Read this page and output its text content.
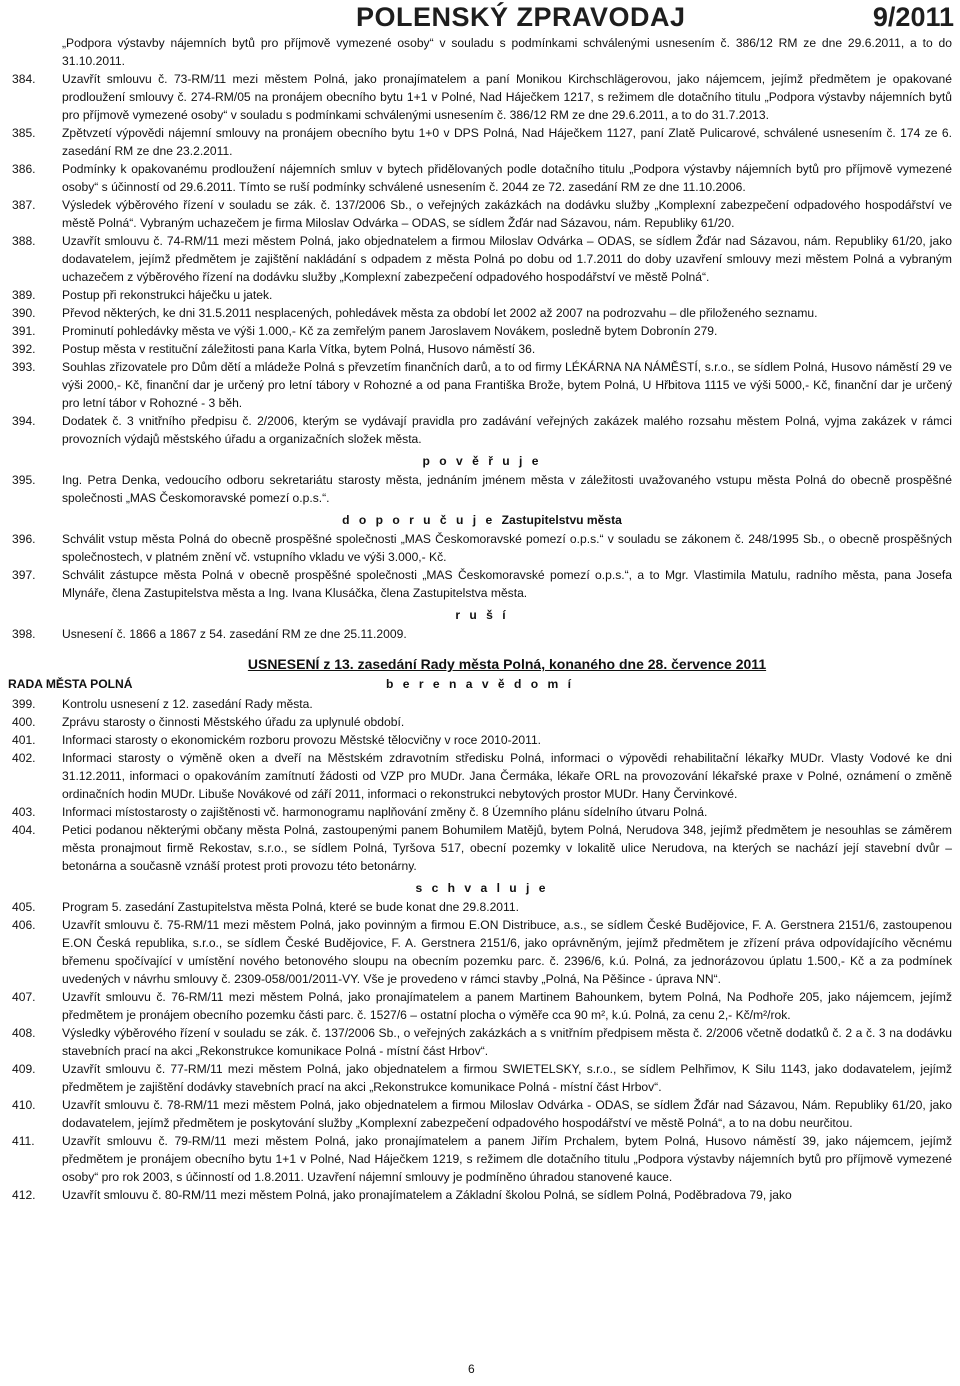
POLENSKÝ ZPRAVODAJ	9/2011

„Podpora výstavby nájemních bytů pro příjmově vymezené osoby“ v souladu s podmínkami schválenými usnesením č. 386/12 RM ze dne 29.6.2011, a to do 31.10.2011.

384.	Uzavřít smlouvu č. 73-RM/11 mezi městem Polná, jako pronajímatelem a paní Monikou Kirchschlägerovou, jako nájemcem, jejímž předmětem je opakované prodloužení smlouvy č. 274-RM/05 na pronájem obecního bytu 1+1 v Polné, Nad Háječkem 1217, s režimem dle dotačního titulu „Podpora výstavby nájemních bytů pro příjmově vymezené osoby“ v souladu s podmínkami schválenými usnesením č. 386/12 RM ze dne 29.6.2011, a to do 31.7.2013.

385.	Zpětvzetí výpovědi nájemní smlouvy na pronájem obecního bytu 1+0 v DPS Polná, Nad Háječkem 1127, paní Zlatě Pulicarové, schválené usnesením č. 174 ze 6. zasedání RM ze dne 23.2.2011.

386.	Podmínky k opakovanému prodloužení nájemních smluv v bytech přidělovaných podle dotačního titulu „Podpora výstavby nájemních bytů pro příjmově vymezené osoby“ s účinností od 29.6.2011. Tímto se ruší podmínky schválené usnesením č. 2044 ze 72. zasedání RM ze dne 11.10.2006.

387.	Výsledek výběrového řízení v souladu se zák. č. 137/2006 Sb., o veřejných zakázkách na dodávku služby „Komplexní zabezpečení odpadového hospodářství ve městě Polná“. Vybraným uchazečem je firma Miloslav Odvárka – ODAS, se sídlem Žďár nad Sázavou, nám. Republiky 61/20.

388.	Uzavřít smlouvu č. 74-RM/11 mezi městem Polná, jako objednatelem a firmou Miloslav Odvárka – ODAS, se sídlem Žďár nad Sázavou, nám. Republiky 61/20, jako dodavatelem, jejímž předmětem je zajištění nakládání s odpadem z města Polná po dobu od 1.7.2011 do doby uzavření smlouvy mezi městem Polná a vybraným uchazečem z výběrového řízení na dodávku služby „Komplexní zabezpečení odpadového hospodářství ve městě Polná“.

389.	Postup při rekonstrukci háječku u jatek.

390.	Převod některých, ke dni 31.5.2011 nesplacených, pohledávek města za období let 2002 až 2007 na podrozvahu – dle přiloženého seznamu.

391.	Prominutí pohledávky města ve výši 1.000,- Kč za zemřelým panem Jaroslavem Novákem, posledně bytem Dobronín 279.

392.	Postup města v restituční záležitosti pana Karla Vítka, bytem Polná, Husovo náměstí 36.

393.	Souhlas zřizovatele pro Dům dětí a mládeže Polná s převzetím finančních darů, a to od firmy LÉKÁRNA NA NÁMĚSTÍ, s.r.o., se sídlem Polná, Husovo náměstí 29 ve výši 2000,- Kč, finanční dar je určený pro letní tábory v Rohozné a od pana Františka Brože, bytem Polná, U Hřbitova 1115 ve výši 5000,- Kč, finanční dar je určený pro letní tábor v Rohozné - 3 běh.

394.	Dodatek č. 3 vnitřního předpisu č. 2/2006, kterým se vydávají pravidla pro zadávání veřejných zakázek malého rozsahu městem Polná, vyjma zakázek v rámci provozních výdajů městského úřadu a organizačních složek města.

p o v ě ř u j e
395.	Ing. Petra Denka, vedoucího odboru sekretariátu starosty města, jednáním jménem města v záležitosti uvažovaného vstupu města Polná do obecně prospěšné společnosti „MAS Českomoravské pomezí o.p.s.“.

d o p o r u č u j e Zastupitelstvu města
396.	Schválit vstup města Polná do obecně prospěšné společnosti „MAS Českomoravské pomezí o.p.s.“ v souladu se zákonem č. 248/1995 Sb., o obecně prospěšných společnostech, v platném znění vč. vstupního vkladu ve výši 3.000,- Kč.

397.	Schválit zástupce města Polná v obecně prospěšné společnosti „MAS Českomoravské pomezí o.p.s.“, a to Mgr. Vlastimila Matulu, radního města, pana Josefa Mlynáře, člena Zastupitelstva města a Ing. Ivana Klusáčka, člena Zastupitelstva města.

r u š í
398.	Usnesení č. 1866 a 1867 z 54. zasedání RM ze dne 25.11.2009.

USNESENÍ z 13. zasedání Rady města Polná, konaného dne 28. července 2011
RADA MĚSTA POLNÁ	b e r e n a v ě d o m í
399.	Kontrolu usnesení z 12. zasedání Rady města.

400.	Zprávu starosty o činnosti Městského úřadu za uplynulé období.

401.	Informaci starosty o ekonomickém rozboru provozu Městské tělocvičny v roce 2010-2011.

402.	Informaci starosty o výměně oken a dveří na Městském zdravotním středisku Polná, informaci o výpovědi rehabilitační lékařky MUDr. Vlasty Vodové ke dni 31.12.2011, informaci o opakováním zamítnutí žádosti od VZP pro MUDr. Jana Čermáka, lékaře ORL na provozování lékařské praxe v Polné, oznámení o změně ordinačních hodin MUDr. Libuše Novákové od září 2011, informaci o rekonstrukci nebytových prostor MUDr. Hany Červinkové.

403.	Informaci místostarosty o zajištěnosti vč. harmonogramu naplňování změny č. 8 Územního plánu sídelního útvaru Polná.

404.	Petici podanou některými občany města Polná, zastoupenými panem Bohumilem Matějů, bytem Polná, Nerudova 348, jejímž předmětem je nesouhlas se záměrem města pronajmout firmě Rekostav, s.r.o., se sídlem Polná, Tyršova 517, obecní pozemky v lokalitě ulice Nerudova, na kterých se nachází její stavební dvůr – betonárna a současně vznáší protest proti provozu této betonárny.

s c h v a l u j e
405.	Program 5. zasedání Zastupitelstva města Polná, které se bude konat dne 29.8.2011.

406.	Uzavřít smlouvu č. 75-RM/11 mezi městem Polná, jako povinným a firmou E.ON Distribuce, a.s., se sídlem České Budějovice, F. A. Gerstnera 2151/6, zastoupenou E.ON Česká republika, s.r.o., se sídlem České Budějovice, F. A. Gerstnera 2151/6, jako oprávněným, jejímž předmětem je zřízení práva odpovídajícího věcnému břemenu spočívající v umístění nového betonového sloupu na obecním pozemku parc. č. 2396/6, k.ú. Polná, za jednorázovou úplatu 1.500,- Kč a za podmínek uvedených v návrhu smlouvy č. 2309-058/001/2011-VY. Vše je provedeno v rámci stavby „Polná, Na Pěšince - úprava NN“.

407.	Uzavřít smlouvu č. 76-RM/11 mezi městem Polná, jako pronajímatelem a panem Martinem Bahounkem, bytem Polná, Na Podhoře 205, jako nájemcem, jejímž předmětem je pronájem obecního pozemku části parc. č. 1527/6 – ostatní plocha o výměře cca 90 m², k.ú. Polná, za cenu 2,- Kč/m²/rok.

408.	Výsledky výběrového řízení v souladu se zák. č. 137/2006 Sb., o veřejných zakázkách a s vnitřním předpisem města č. 2/2006 včetně dodatků č. 2 a č. 3 na dodávku stavebních prací na akci „Rekonstrukce komunikace Polná - místní část Hrbov“.

409.	Uzavřít smlouvu č. 77-RM/11 mezi městem Polná, jako objednatelem a firmou SWIETELSKY, s.r.o., se sídlem Pelhřimov, K Silu 1143, jako dodavatelem, jejímž předmětem je zajištění dodávky stavebních prací na akci „Rekonstrukce komunikace Polná - místní část Hrbov“.

410.	Uzavřít smlouvu č. 78-RM/11 mezi městem Polná, jako objednatelem a firmou Miloslav Odvárka - ODAS, se sídlem Žďár nad Sázavou, Nám. Republiky 61/20, jako dodavatelem, jejímž předmětem je poskytování služby „Komplexní zabezpečení odpadového hospodářství ve městě Polná“, a to na dobu neurčitou.

411.	Uzavřít smlouvu č. 79-RM/11 mezi městem Polná, jako pronajímatelem a panem Jiřím Prchalem, bytem Polná, Husovo náměstí 39, jako nájemcem, jejímž předmětem je pronájem obecního bytu 1+1 v Polné, Nad Háječkem 1219, s režimem dle dotačního titulu „Podpora výstavby nájemních bytů pro příjmově vymezené osoby“ pro rok 2003, s účinností od 1.8.2011. Uzavření nájemní smlouvy je podmíněno úhradou stanovené kauce.

412.	Uzavřít smlouvu č. 80-RM/11 mezi městem Polná, jako pronajímatelem a Základní školou Polná, se sídlem Polná, Poděbradova 79, jako

6
